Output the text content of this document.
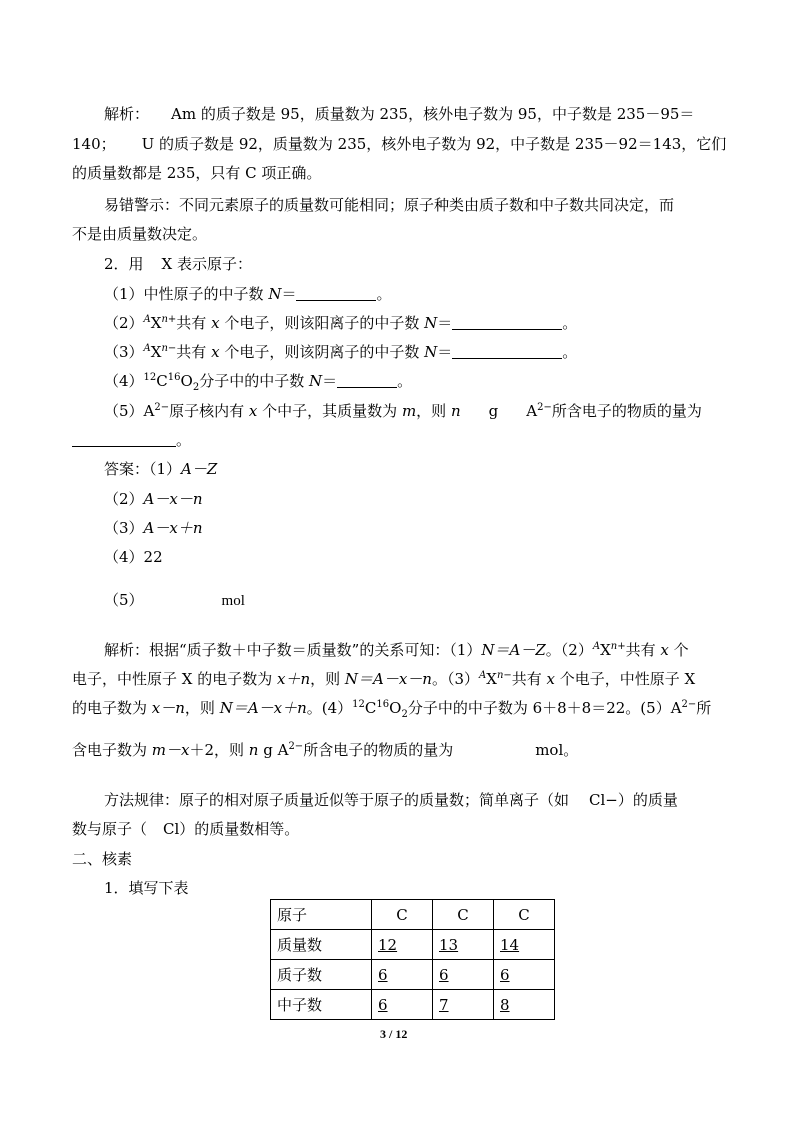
解析： Am 的质子数是 95，质量数为 235，核外电子数为 95，中子数是 235－95＝
140； U 的质子数是 92，质量数为 235，核外电子数为 92，中子数是 235－92＝143，它们
的质量数都是 235，只有 C 项正确。
易错警示：不同元素原子的质量数可能相同；原子种类由质子数和中子数共同决定，而
不是由质量数决定。
2．用 X 表示原子：
（1）中性原子的中子数 N＝	。
$(2)^AX^{n+}$共有 x 个电子，则该阳离子的中子数 N＝	。
$(3)^AX^{n-}$共有 x 个电子，则该阴离子的中子数 N＝	。
$(4)^{12}C^{16}O_2$分子中的中子数 N＝	。
$(5)A^{2-}$原子核内有 x 个中子，其质量数为 m，则 n g $A^{2-}$所含电子的物质的量为
。
答案：（1）A－Z
（2）A－x－n
（3）A－x＋n
（4）22
（5）	mol
解析：根据“质子数＋中子数＝质量数”的关系可知：（1）N＝A－Z。$(2)^AX^{n+}$共有 x 个
电子，中性原子 X 的电子数为 x＋n，则 N＝A－x－n。$(3)^AX^{n-}$共有 x 个电子，中性原子 X
的电子数为 x－n，则 N＝A－x＋n。$(4)^{12}C^{16}O_2$分子中的中子数为 6＋8＋8＝22。$(5)A^{2-}$所
含电子数为 m－x＋2，则 n g $A^{2-}$所含电子的物质的量为	mol。
方法规律：原子的相对原子质量近似等于原子的质量数；简单离子（如 Cl−）的质量
数与原子（ Cl）的质量数相等。
二、核素
1．填写下表
原子	C	C	C
质量数	12	13	14
质子数	6	6	6
中子数	6	7	8
3 / 12
